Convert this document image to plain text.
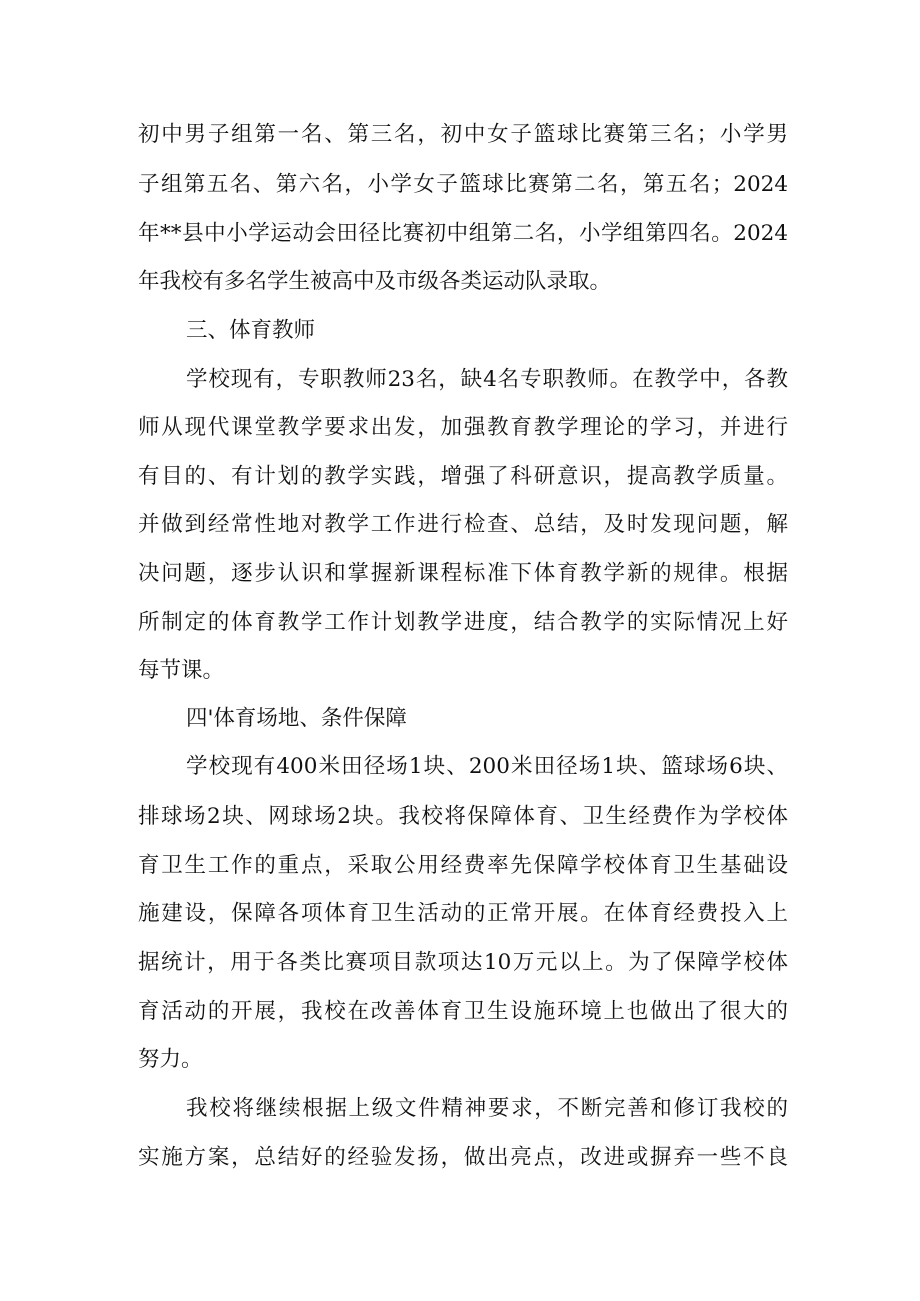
初中男子组第一名、第三名，初中女子篮球比赛第三名；小学男
子组第五名、第六名，小学女子篮球比赛第二名，第五名；2024
年**县中小学运动会田径比赛初中组第二名，小学组第四名。2024
年我校有多名学生被高中及市级各类运动队录取。
三、体育教师
学校现有，专职教师23名，缺4名专职教师。在教学中，各教
师从现代课堂教学要求出发，加强教育教学理论的学习，并进行
有目的、有计划的教学实践，增强了科研意识，提高教学质量。
并做到经常性地对教学工作进行检查、总结，及时发现问题，解
决问题，逐步认识和掌握新课程标准下体育教学新的规律。根据
所制定的体育教学工作计划教学进度，结合教学的实际情况上好
每节课。
四'体育场地、条件保障
学校现有400米田径场1块、200米田径场1块、篮球场6块、
排球场2块、网球场2块。我校将保障体育、卫生经费作为学校体
育卫生工作的重点，采取公用经费率先保障学校体育卫生基础设
施建设，保障各项体育卫生活动的正常开展。在体育经费投入上
据统计，用于各类比赛项目款项达10万元以上。为了保障学校体
育活动的开展，我校在改善体育卫生设施环境上也做出了很大的
努力。
我校将继续根据上级文件精神要求，不断完善和修订我校的
实施方案，总结好的经验发扬，做出亮点，改进或摒弃一些不良
